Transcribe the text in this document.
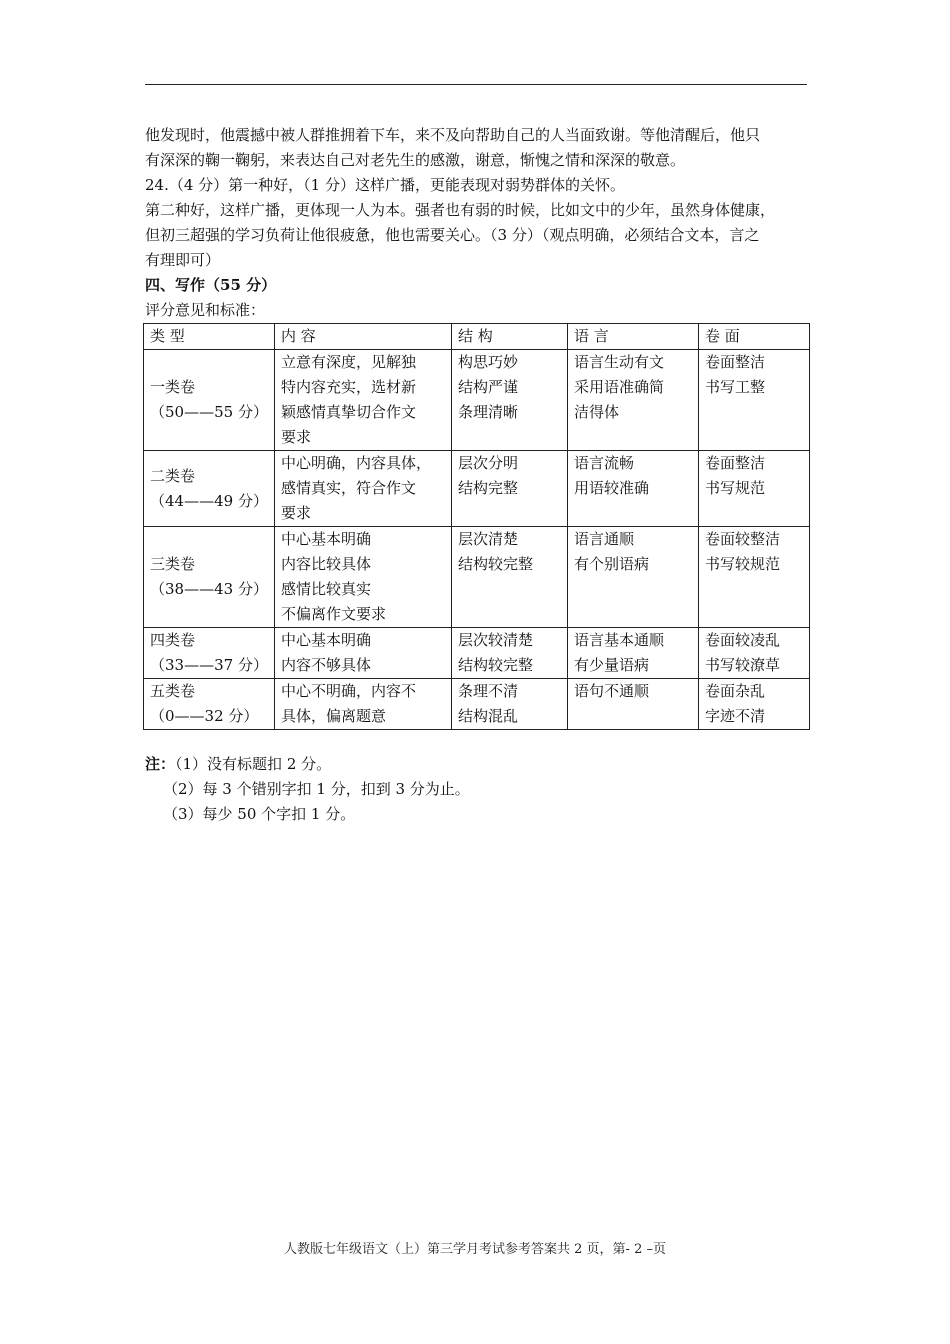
他发现时，他震撼中被人群推拥着下车，来不及向帮助自己的人当面致谢。等他清醒后，他只

有深深的鞠一鞠躬，来表达自己对老先生的感激，谢意，惭愧之情和深深的敬意。

24.（4 分）第一种好，（1 分）这样广播，更能表现对弱势群体的关怀。

第二种好，这样广播，更体现一人为本。强者也有弱的时候，比如文中的少年，虽然身体健康，

但初三超强的学习负荷让他很疲惫，他也需要关心。（3 分）（观点明确，必须结合文本，言之

有理即可）

四、写作（55 分）

评分意见和标准：

类 型	内 容	结 构	语 言	卷 面

一类卷
（50——55 分）	立意有深度，见解独
特内容充实，选材新
颖感情真挚切合作文
要求	构思巧妙
结构严谨
条理清晰	语言生动有文
采用语准确简
洁得体	卷面整洁
书写工整

二类卷
（44——49 分）	中心明确，内容具体，
感情真实，符合作文
要求	层次分明
结构完整	语言流畅
用语较准确	卷面整洁
书写规范

三类卷
（38——43 分）	中心基本明确
内容比较具体
感情比较真实
不偏离作文要求	层次清楚
结构较完整	语言通顺
有个别语病	卷面较整洁
书写较规范

四类卷
（33——37 分）	中心基本明确
内容不够具体	层次较清楚
结构较完整	语言基本通顺
有少量语病	卷面较凌乱
书写较潦草

五类卷
（0——32 分）	中心不明确，内容不
具体，偏离题意	条理不清
结构混乱	语句不通顺	卷面杂乱
字迹不清
注：（1）没有标题扣 2 分。
（2）每 3 个错别字扣 1 分，扣到 3 分为止。
（3）每少 50 个字扣 1 分。
人教版七年级语文（上）第三学月考试参考答案共 2 页，第- 2 –页
